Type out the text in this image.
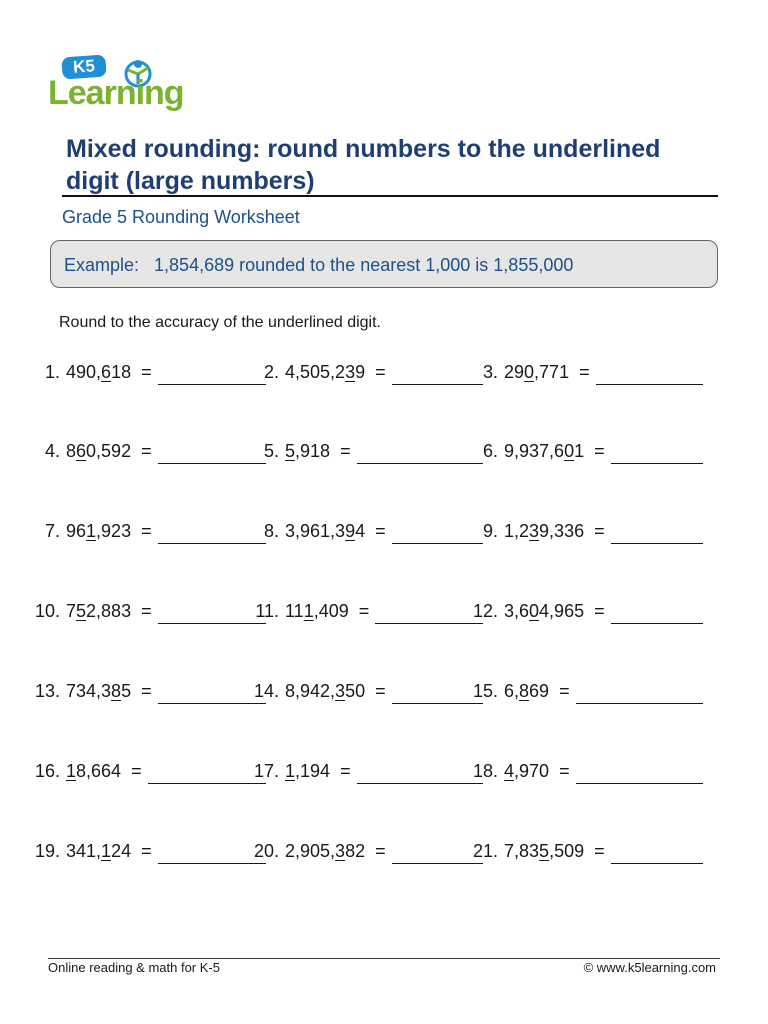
K5
Learning
Mixed rounding: round numbers to the underlined digit (large numbers)
Grade 5 Rounding Worksheet
Example:   1,854,689 rounded to the nearest 1,000 is 1,855,000
Round to the accuracy of the underlined digit.
1. 490, 6 18 =	2. 4,505,2 3 9 =	3. 29 0 ,771 =
4. 8 6 0,592 =	5. 5 ,918 =	6. 9,937,6 0 1 =
7. 96 1 ,923 =	8. 3,961,3 9 4 =	9. 1,2 3 9,336 =
10. 7 5 2,883 =	11. 11 1 ,409 =	12. 3,6 0 4,965 =
13. 734,3 8 5 =	14. 8,942, 3 50 =	15. 6, 8 69 =
16. 1 8,664 =	17. 1 ,194 =	18. 4 ,970 =
19. 341, 1 24 =	20. 2,905, 3 82 =	21. 7,83 5 ,509 =
Online reading & math for K-5	© www.k5learning.com
